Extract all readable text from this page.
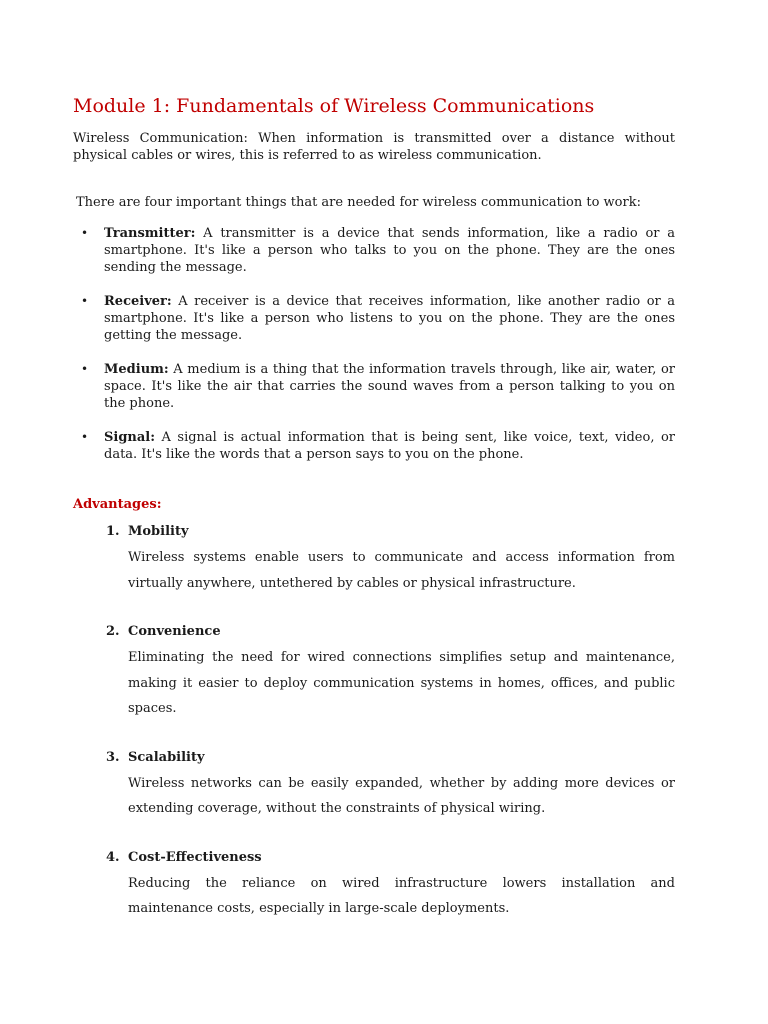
Module 1: Fundamentals of Wireless Communications

Wireless Communication: When information is transmitted over a distance without physical cables or wires, this is referred to as wireless communication.

There are four important things that are needed for wireless communication to work:

• Transmitter: A transmitter is a device that sends information, like a radio or a smartphone. It's like a person who talks to you on the phone. They are the ones sending the message.
• Receiver: A receiver is a device that receives information, like another radio or a smartphone. It's like a person who listens to you on the phone. They are the ones getting the message.
• Medium: A medium is a thing that the information travels through, like air, water, or space. It's like the air that carries the sound waves from a person talking to you on the phone.
• Signal: A signal is actual information that is being sent, like voice, text, video, or data. It's like the words that a person says to you on the phone.
Advantages:
1. Mobility
Wireless systems enable users to communicate and access information from virtually anywhere, untethered by cables or physical infrastructure.
2. Convenience
Eliminating the need for wired connections simplifies setup and maintenance, making it easier to deploy communication systems in homes, offices, and public spaces.
3. Scalability
Wireless networks can be easily expanded, whether by adding more devices or extending coverage, without the constraints of physical wiring.
4. Cost-Effectiveness
Reducing the reliance on wired infrastructure lowers installation and maintenance costs, especially in large-scale deployments.
